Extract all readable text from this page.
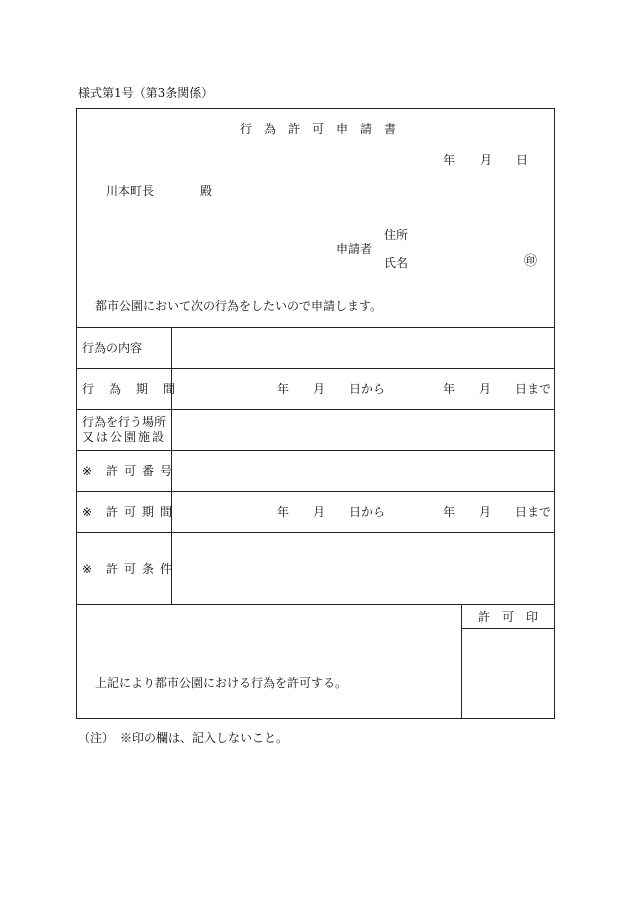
様式第1号（第3条関係）
行　為　許　可　申　請　書
年 月 日
川本町長	殿
住所
申請者
氏名	㊞
都市公園において次の行為をしたいので申請します。
行為の内容
行為期間	年 月 日から	年 月 日まで
行為を行う場所
又は公園施設
※ 許可番号
※ 許可期間	年 月 日から	年 月 日まで
※ 許可条件
許　可　印
上記により都市公園における行為を許可する。
（注）　※印の欄は、記入しないこと。
